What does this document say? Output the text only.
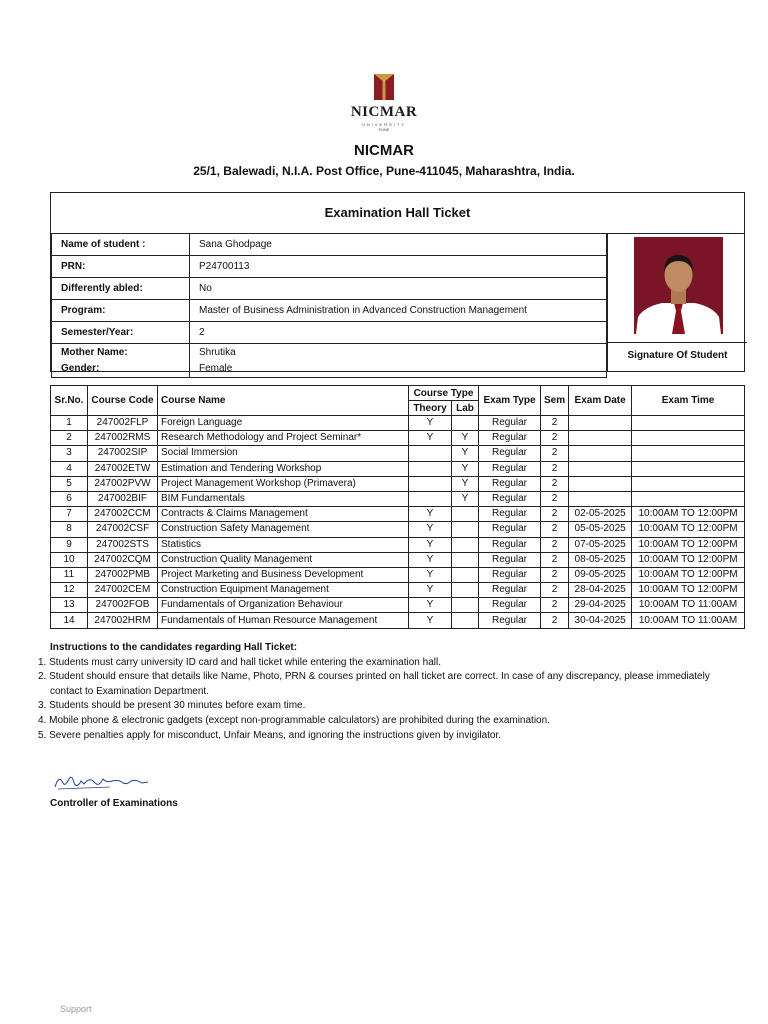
NICMAR
UNIVERSITY
PUNE
NICMAR
25/1, Balewadi, N.I.A. Post Office, Pune-411045, Maharashtra, India.
Examination Hall Ticket
Name of student :	Sana Ghodpage
PRN:	P24700113
Differently abled:	No
Program:	Master of Business Administration in Advanced Construction Management
Semester/Year:	2
Mother Name:	Shrutika
Gender:	Female
Signature Of Student
Sr.No.	Course Code	Course Name	Course Type		Exam Type	Sem	Exam Date	Exam Time
			Theory	Lab				
1	247002FLP	Foreign Language	Y		Regular	2		
2	247002RMS	Research Methodology and Project Seminar*	Y	Y	Regular	2		
3	247002SIP	Social Immersion		Y	Regular	2		
4	247002ETW	Estimation and Tendering Workshop		Y	Regular	2		
5	247002PVW	Project Management Workshop (Primavera)		Y	Regular	2		
6	247002BIF	BIM Fundamentals		Y	Regular	2		
7	247002CCM	Contracts & Claims Management	Y		Regular	2	02-05-2025	10:00AM TO 12:00PM
8	247002CSF	Construction Safety Management	Y		Regular	2	05-05-2025	10:00AM TO 12:00PM
9	247002STS	Statistics	Y		Regular	2	07-05-2025	10:00AM TO 12:00PM
10	247002CQM	Construction Quality Management	Y		Regular	2	08-05-2025	10:00AM TO 12:00PM
11	247002PMB	Project Marketing and Business Development	Y		Regular	2	09-05-2025	10:00AM TO 12:00PM
12	247002CEM	Construction Equipment Management	Y		Regular	2	28-04-2025	10:00AM TO 12:00PM
13	247002FOB	Fundamentals of Organization Behaviour	Y		Regular	2	29-04-2025	10:00AM TO 11:00AM
14	247002HRM	Fundamentals of Human Resource Management	Y		Regular	2	30-04-2025	10:00AM TO 11:00AM
Instructions to the candidates regarding Hall Ticket:
1. Students must carry university ID card and hall ticket while entering the examination hall.
2. Student should ensure that details like Name, Photo, PRN & courses printed on hall ticket are correct. In case of any discrepancy, please immediately contact to Examination Department.
3. Students should be present 30 minutes before exam time.
4. Mobile phone & electronic gadgets (except non-programmable calculators) are prohibited during the examination.
5. Severe penalties apply for misconduct, Unfair Means, and ignoring the instructions given by invigilator.
Controller of Examinations
Support
